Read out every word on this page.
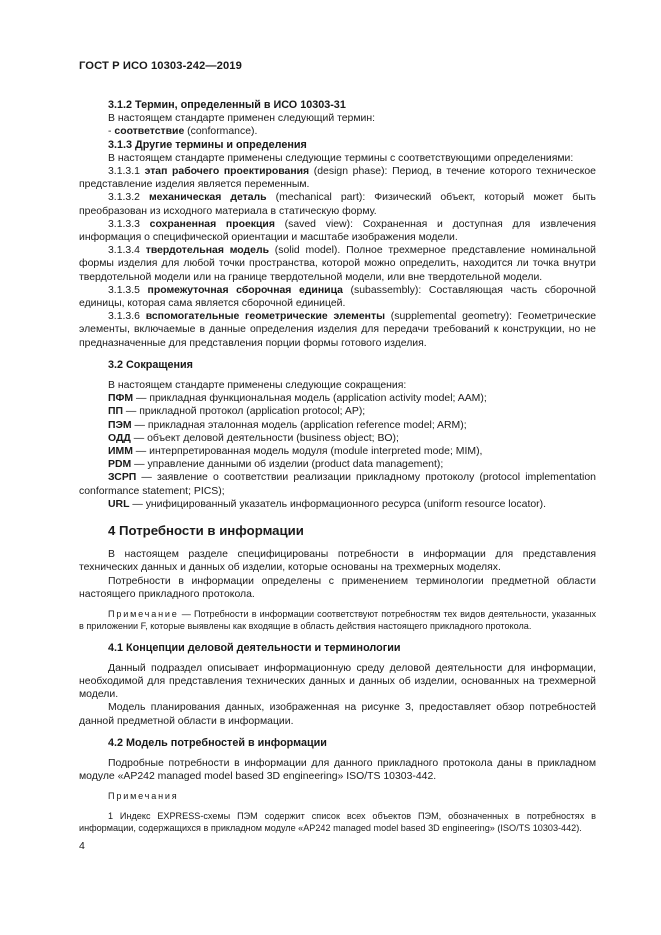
ГОСТ Р ИСО 10303-242—2019

3.1.2 Термин, определенный в ИСО 10303-31

В настоящем стандарте применен следующий термин:

- соответствие (conformance).

3.1.3 Другие термины и определения

В настоящем стандарте применены следующие термины с соответствующими определениями:

3.1.3.1 этап рабочего проектирования (design phase): Период, в течение которого техническое представление изделия является переменным.

3.1.3.2 механическая деталь (mechanical part): Физический объект, который может быть преобразован из исходного материала в статическую форму.

3.1.3.3 сохраненная проекция (saved view): Сохраненная и доступная для извлечения информация о специфической ориентации и масштабе изображения модели.

3.1.3.4 твердотельная модель (solid model). Полное трехмерное представление номинальной формы изделия для любой точки пространства, которой можно определить, находится ли точка внутри твердотельной модели или на границе твердотельной модели, или вне твердотельной модели.

3.1.3.5 промежуточная сборочная единица (subassembly): Составляющая часть сборочной единицы, которая сама является сборочной единицей.

3.1.3.6 вспомогательные геометрические элементы (supplemental geometry): Геометрические элементы, включаемые в данные определения изделия для передачи требований к конструкции, но не предназначенные для представления порции формы готового изделия.

3.2 Сокращения

В настоящем стандарте применены следующие сокращения:

ПФМ — прикладная функциональная модель (application activity model; AAM);

ПП — прикладной протокол (application protocol; AP);

ПЭМ — прикладная эталонная модель (application reference model; ARM);

ОДД — объект деловой деятельности (business object; BO);

ИММ — интерпретированная модель модуля (module interpreted mode; MIM),

PDM — управление данными об изделии (product data management);

ЗСРП — заявление о соответствии реализации прикладному протоколу (protocol implementation conformance statement; PICS);

URL — унифицированный указатель информационного ресурса (uniform resource locator).

4 Потребности в информации

В настоящем разделе специфицированы потребности в информации для представления технических данных и данных об изделии, которые основаны на трехмерных моделях.

Потребности в информации определены с применением терминологии предметной области настоящего прикладного протокола.

Примечание — Потребности в информации соответствуют потребностям тех видов деятельности, указанных в приложении F, которые выявлены как входящие в область действия настоящего прикладного протокола.

4.1 Концепции деловой деятельности и терминологии

Данный подраздел описывает информационную среду деловой деятельности для информации, необходимой для представления технических данных и данных об изделии, основанных на трехмерной модели.

Модель планирования данных, изображенная на рисунке 3, предоставляет обзор потребностей данной предметной области в информации.

4.2 Модель потребностей в информации

Подробные потребности в информации для данного прикладного протокола даны в прикладном модуле «AP242 managed model based 3D engineering» ISO/TS 10303-442.

Примечания

1 Индекс EXPRESS-схемы ПЭМ содержит список всех объектов ПЭМ, обозначенных в потребностях в информации, содержащихся в прикладном модуле «AP242 managed model based 3D engineering» (ISO/TS 10303-442).

4
